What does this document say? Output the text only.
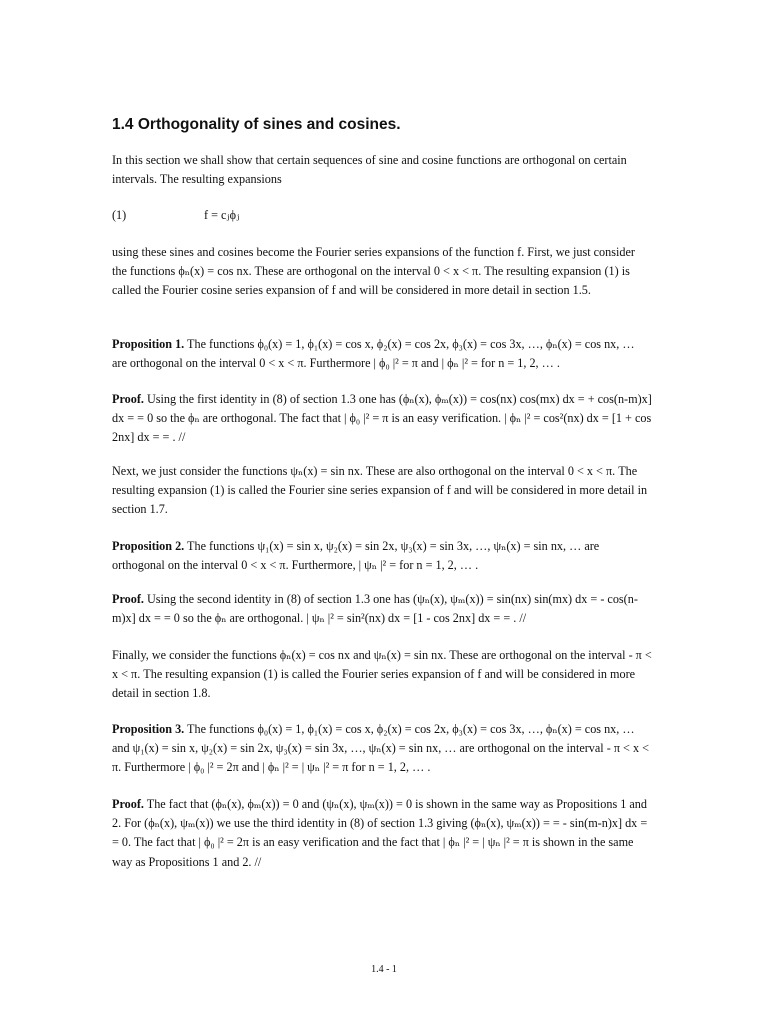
1.4 Orthogonality of sines and cosines.

In this section we shall show that certain sequences of sine and cosine functions are orthogonal on certain intervals. The resulting expansions

(1)	f = cⱼϕⱼ

using these sines and cosines become the Fourier series expansions of the function f. First, we just consider the functions ϕₙ(x) = cos nx. These are orthogonal on the interval 0 < x < π. The resulting expansion (1) is called the Fourier cosine series expansion of f and will be considered in more detail in section 1.5.

Proposition 1. The functions ϕ₀(x) = 1, ϕ₁(x) = cos x, ϕ₂(x) = cos 2x, ϕ₃(x) = cos 3x, …, ϕₙ(x) = cos nx, … are orthogonal on the interval 0 < x < π. Furthermore | ϕ₀ |² = π and | ϕₙ |² = for n = 1, 2, … .

Proof. Using the first identity in (8) of section 1.3 one has (ϕₙ(x), ϕₘ(x)) = cos(nx) cos(mx) dx = + cos(n-m)x] dx = = 0 so the ϕₙ are orthogonal. The fact that | ϕ₀ |² = π is an easy verification. | ϕₙ |² = cos²(nx) dx = [1 + cos 2nx] dx = = . //

Next, we just consider the functions ψₙ(x) = sin nx. These are also orthogonal on the interval 0 < x < π. The resulting expansion (1) is called the Fourier sine series expansion of f and will be considered in more detail in section 1.7.

Proposition 2. The functions ψ₁(x) = sin x, ψ₂(x) = sin 2x, ψ₃(x) = sin 3x, …, ψₙ(x) = sin nx, … are orthogonal on the interval 0 < x < π. Furthermore, | ψₙ |² = for n = 1, 2, … .

Proof. Using the second identity in (8) of section 1.3 one has (ψₙ(x), ψₘ(x)) = sin(nx) sin(mx) dx = - cos(n-m)x] dx = = 0 so the ϕₙ are orthogonal. | ψₙ |² = sin²(nx) dx = [1 - cos 2nx] dx = = . //

Finally, we consider the functions ϕₙ(x) = cos nx and ψₙ(x) = sin nx. These are orthogonal on the interval - π < x < π. The resulting expansion (1) is called the Fourier series expansion of f and will be considered in more detail in section 1.8.

Proposition 3. The functions ϕ₀(x) = 1, ϕ₁(x) = cos x, ϕ₂(x) = cos 2x, ϕ₃(x) = cos 3x, …, ϕₙ(x) = cos nx, … and ψ₁(x) = sin x, ψ₂(x) = sin 2x, ψ₃(x) = sin 3x, …, ψₙ(x) = sin nx, … are orthogonal on the interval - π < x < π. Furthermore | ϕ₀ |² = 2π and | ϕₙ |² = | ψₙ |² = π for n = 1, 2, … .

Proof. The fact that (ϕₙ(x), ϕₘ(x)) = 0 and (ψₙ(x), ψₘ(x)) = 0 is shown in the same way as Propositions 1 and 2. For (ϕₙ(x), ψₘ(x)) we use the third identity in (8) of section 1.3 giving (ϕₙ(x), ψₘ(x)) = = - sin(m-n)x] dx = = 0. The fact that | ϕ₀ |² = 2π is an easy verification and the fact that | ϕₙ |² = | ψₙ |² = π is shown in the same way as Propositions 1 and 2. //

1.4 - 1
